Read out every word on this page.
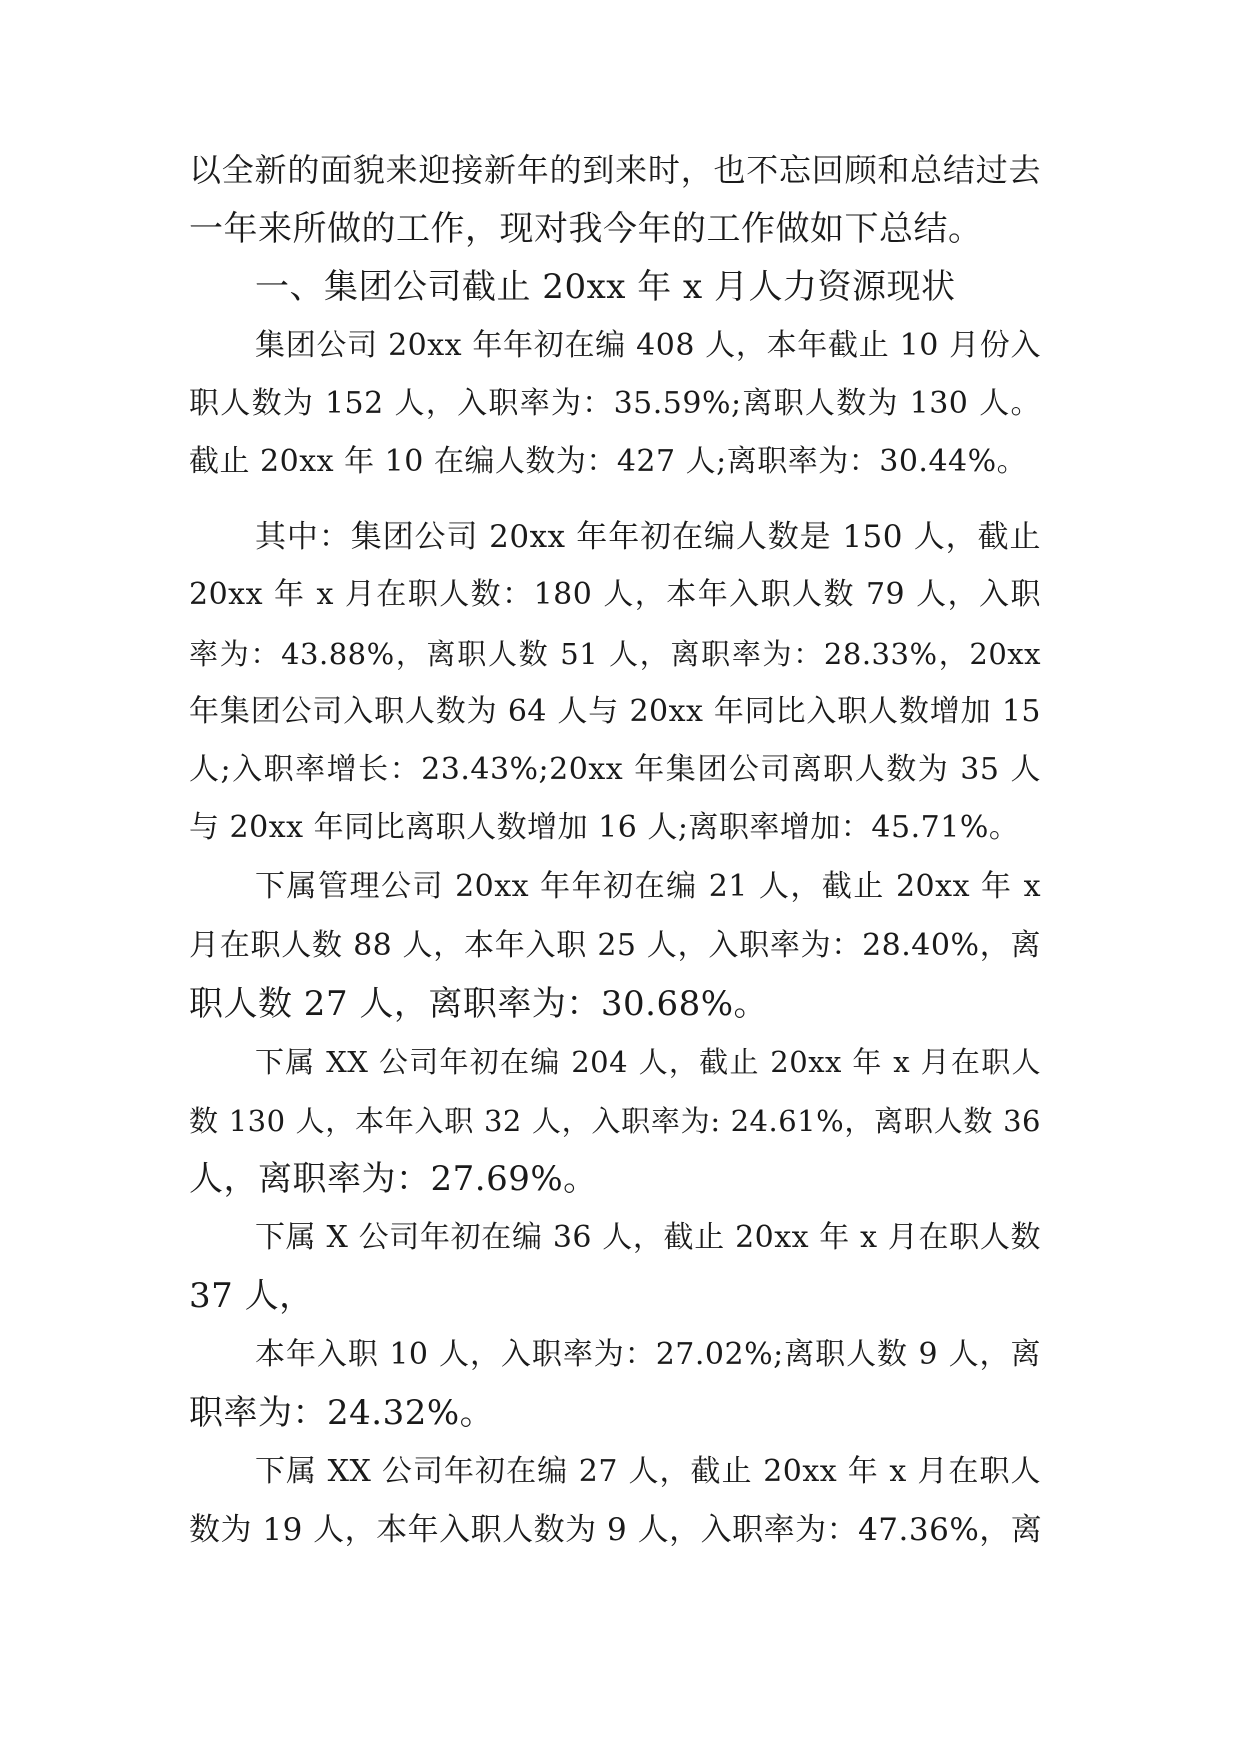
以全新的面貌来迎接新年的到来时，也不忘回顾和总结过去
一年来所做的工作，现对我今年的工作做如下总结。
一、集团公司截止 20xx 年 x 月人力资源现状
集团公司 20xx 年年初在编 408 人，本年截止 10 月份入
职人数为 152 人，入职率为：35.59%;离职人数为 130 人。
截止 20xx 年 10 在编人数为：427 人;离职率为：30.44%。
其中：集团公司 20xx 年年初在编人数是 150 人，截止
20xx 年 x 月在职人数：180 人，本年入职人数 79 人，入职
率为：43.88%，离职人数 51 人，离职率为：28.33%，20xx
年集团公司入职人数为 64 人与 20xx 年同比入职人数增加 15
人;入职率增长：23.43%;20xx 年集团公司离职人数为 35 人
与 20xx 年同比离职人数增加 16 人;离职率增加：45.71%。
下属管理公司 20xx 年年初在编 21 人，截止 20xx 年 x
月在职人数 88 人，本年入职 25 人，入职率为：28.40%，离
职人数 27 人，离职率为：30.68%。
下属 XX 公司年初在编 204 人，截止 20xx 年 x 月在职人
数 130 人，本年入职 32 人，入职率为: 24.61%，离职人数 36
人，离职率为：27.69%。
下属 X 公司年初在编 36 人，截止 20xx 年 x 月在职人数
37 人，
本年入职 10 人，入职率为：27.02%;离职人数 9 人，离
职率为：24.32%。
下属 XX 公司年初在编 27 人，截止 20xx 年 x 月在职人
数为 19 人，本年入职人数为 9 人，入职率为：47.36%，离
